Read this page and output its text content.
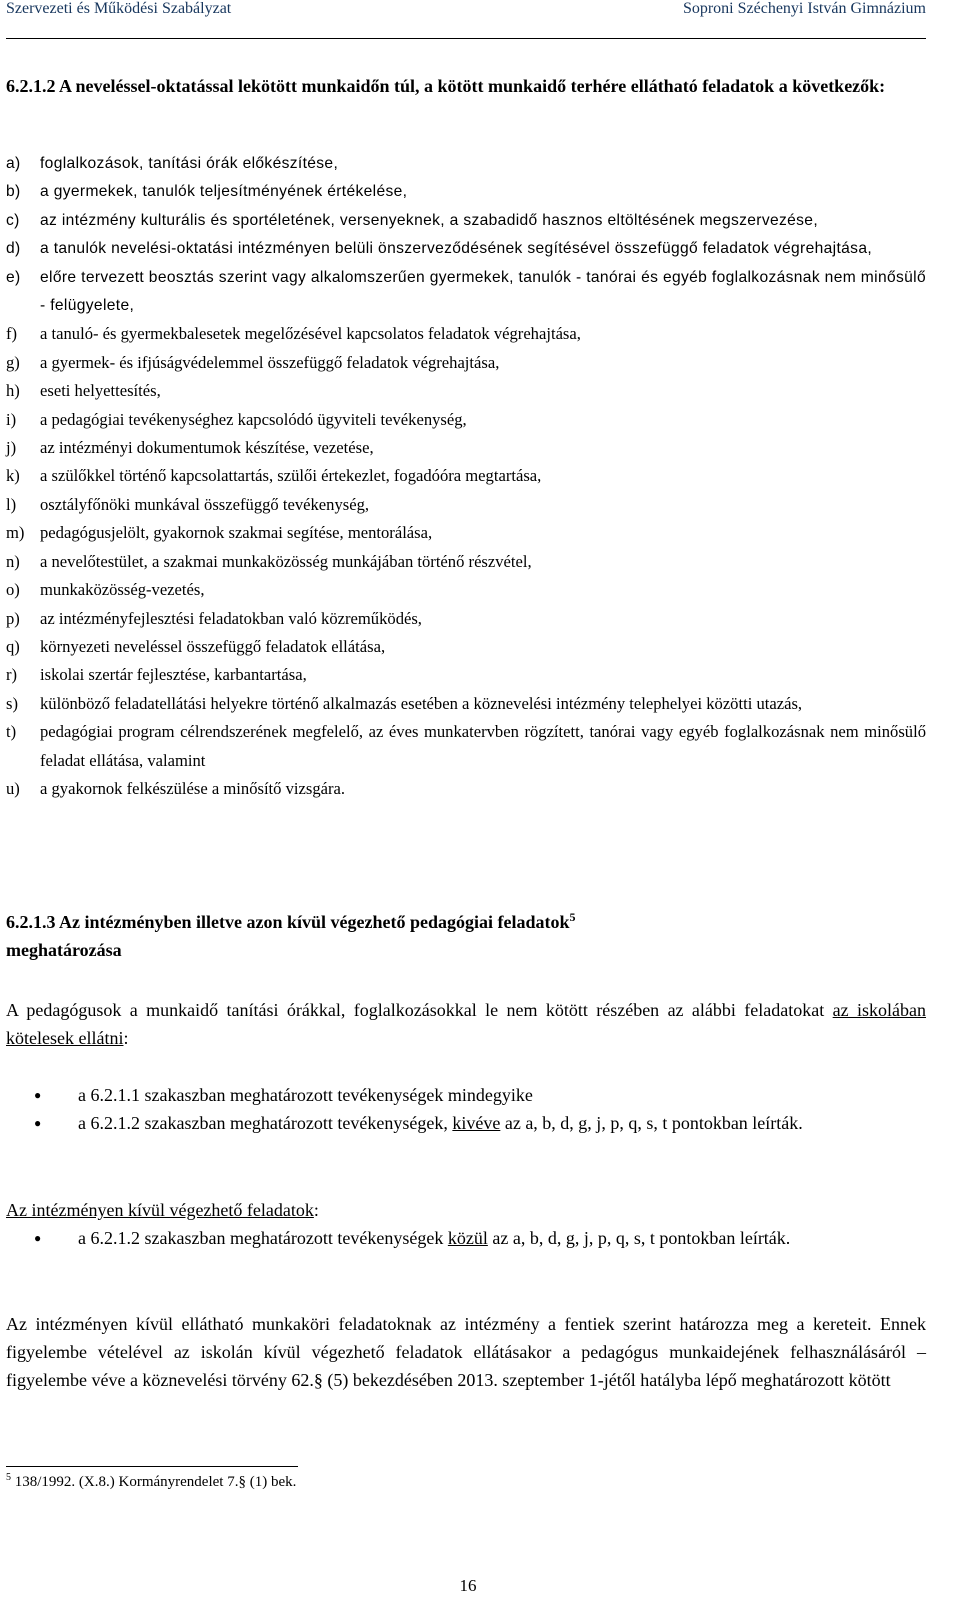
Szervezeti és Működési Szabályzat	Soproni Széchenyi István Gimnázium
6.2.1.2 A neveléssel-oktatással lekötött munkaidőn túl, a kötött munkaidő terhére ellátható feladatok a következők:
a)	foglalkozások, tanítási órák előkészítése,
b)	a gyermekek, tanulók teljesítményének értékelése,
c)	az intézmény kulturális és sportéletének, versenyeknek, a szabadidő hasznos eltöltésének megszervezése,
d)	a tanulók nevelési-oktatási intézményen belüli önszerveződésének segítésével összefüggő feladatok végrehajtása,
e)	előre tervezett beosztás szerint vagy alkalomszerűen gyermekek, tanulók - tanórai és egyéb foglalkozásnak nem minősülő - felügyelete,
f)	a tanuló- és gyermekbalesetek megelőzésével kapcsolatos feladatok végrehajtása,
g)	a gyermek- és ifjúságvédelemmel összefüggő feladatok végrehajtása,
h)	eseti helyettesítés,
i)	a pedagógiai tevékenységhez kapcsolódó ügyviteli tevékenység,
j)	az intézményi dokumentumok készítése, vezetése,
k)	a szülőkkel történő kapcsolattartás, szülői értekezlet, fogadóóra megtartása,
l)	osztályfőnöki munkával összefüggő tevékenység,
m) pedagógusjelölt, gyakornok szakmai segítése, mentorálása,
n)	a nevelőtestület, a szakmai munkaközösség munkájában történő részvétel,
o)	munkaközösség-vezetés,
p)	az intézményfejlesztési feladatokban való közreműködés,
q)	környezeti neveléssel összefüggő feladatok ellátása,
r)	iskolai szertár fejlesztése, karbantartása,
s)	különböző feladatellátási helyekre történő alkalmazás esetében a köznevelési intézmény telephelyei közötti utazás,
t)	pedagógiai program célrendszerének megfelelő, az éves munkatervben rögzített, tanórai vagy egyéb foglalkozásnak nem minősülő feladat ellátása, valamint
u)	a gyakornok felkészülése a minősítő vizsgára.
6.2.1.3 Az intézményben illetve azon kívül végezhető pedagógiai feladatok$^5$
meghatározása
A pedagógusok a munkaidő tanítási órákkal, foglalkozásokkal le nem kötött részében az alábbi feladatokat az iskolában kötelesek ellátni:
●	a 6.2.1.1 szakaszban meghatározott tevékenységek mindegyike
●	a 6.2.1.2 szakaszban meghatározott tevékenységek, kivéve az a, b, d, g, j, p, q, s, t pontokban leírták.
Az intézményen kívül végezhető feladatok:
●	a 6.2.1.2 szakaszban meghatározott tevékenységek közül az a, b, d, g, j, p, q, s, t pontokban leírták.
Az intézményen kívül ellátható munkaköri feladatoknak az intézmény a fentiek szerint határozza meg a kereteit. Ennek figyelembe vételével az iskolán kívül végezhető feladatok ellátásakor a pedagógus munkaidejének felhasználásáról – figyelembe véve a köznevelési törvény 62.§ (5) bekezdésében 2013. szeptember 1-jétől hatályba lépő meghatározott kötött
$^5$ 138/1992. (X.8.) Kormányrendelet 7.§ (1) bek.
16
